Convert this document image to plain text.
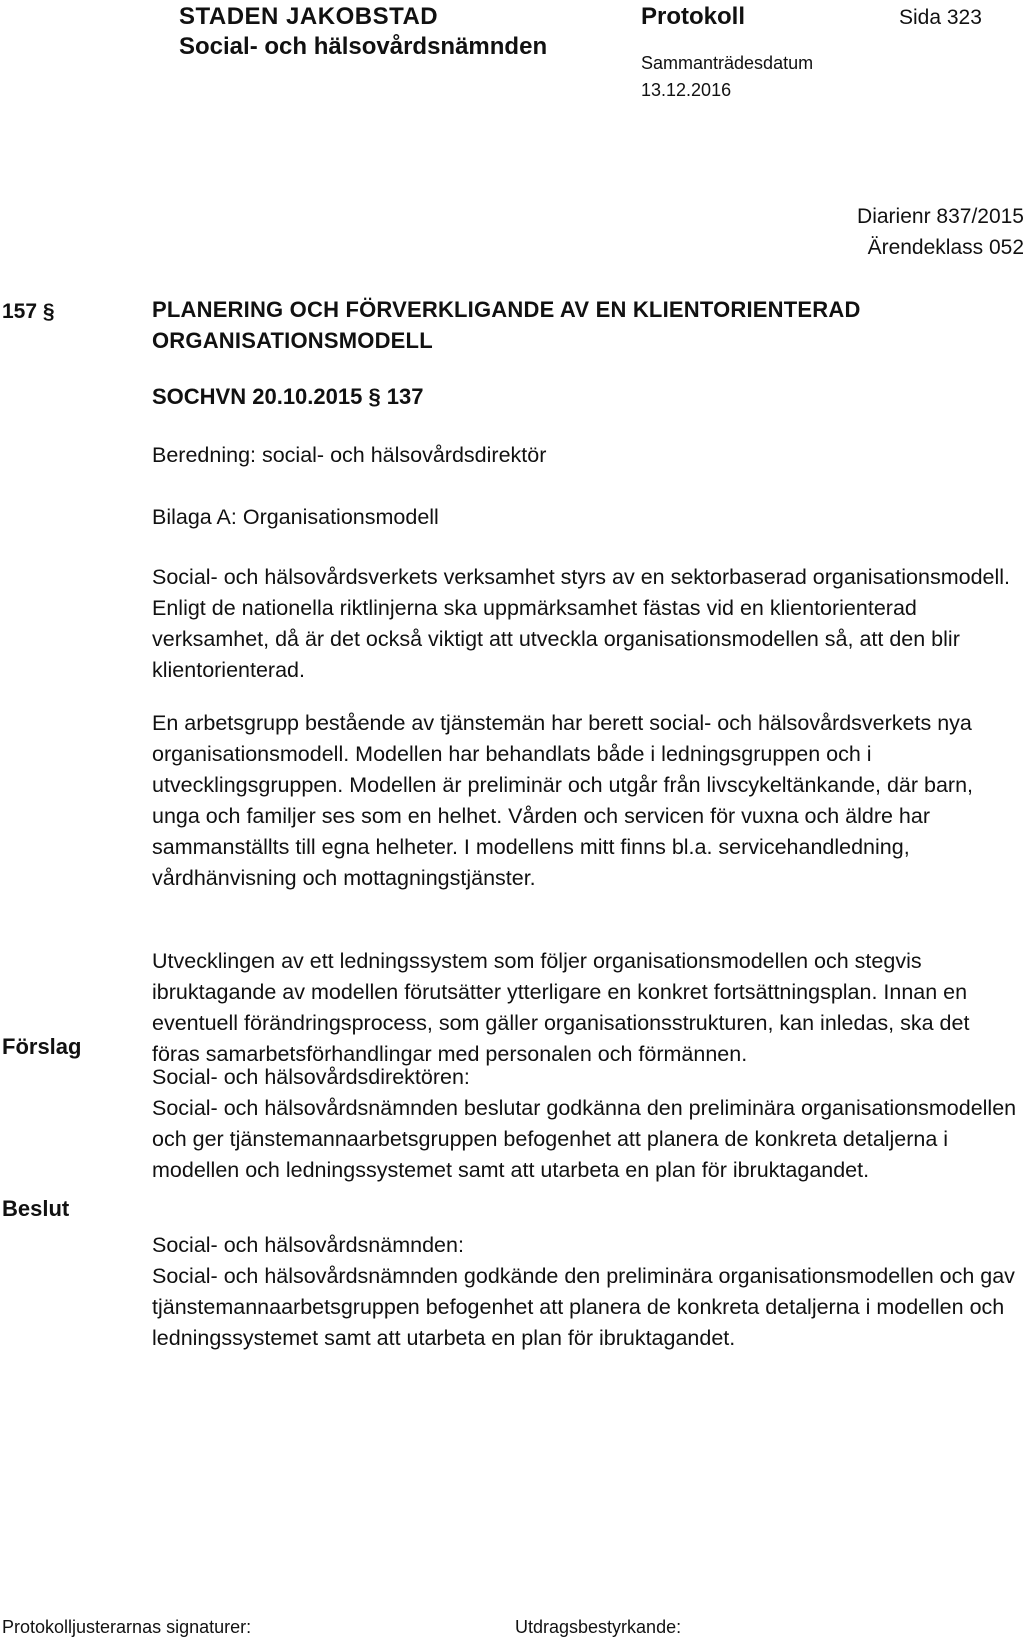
STADEN JAKOBSTAD
Social- och hälsovårdsnämnden
Protokoll	Sida 323
Sammanträdesdatum
13.12.2016
Diarienr 837/2015
Ärendeklass 052
157 §	PLANERING OCH FÖRVERKLIGANDE AV EN KLIENTORIENTERAD ORGANISATIONSMODELL
SOCHVN 20.10.2015 § 137

Beredning: social- och hälsovårdsdirektör

Bilaga A: Organisationsmodell

Social- och hälsovårdsverkets verksamhet styrs av en sektorbaserad organisationsmodell. Enligt de nationella riktlinjerna ska uppmärksamhet fästas vid en klientorienterad verksamhet, då är det också viktigt att utveckla organisationsmodellen så, att den blir klientorienterad.

En arbetsgrupp bestående av tjänstemän har berett social- och hälsovårdsverkets nya organisationsmodell. Modellen har behandlats både i ledningsgruppen och i utvecklingsgruppen. Modellen är preliminär och utgår från livscykeltänkande, där barn, unga och familjer ses som en helhet. Vården och servicen för vuxna och äldre har sammanställts till egna helheter. I modellens mitt finns bl.a. servicehandledning, vårdhänvisning och mottagningstjänster.

Utvecklingen av ett ledningssystem som följer organisationsmodellen och stegvis ibruktagande av modellen förutsätter ytterligare en konkret fortsättningsplan. Innan en eventuell förändringsprocess, som gäller organisationsstrukturen, kan inledas, ska det föras samarbetsförhandlingar med personalen och förmännen.

Förslag

Social- och hälsovårdsdirektören:

Social- och hälsovårdsnämnden beslutar godkänna den preliminära organisationsmodellen och ger tjänstemannaarbetsgruppen befogenhet att planera de konkreta detaljerna i modellen och ledningssystemet samt att utarbeta en plan för ibruktagandet.

Beslut

Social- och hälsovårdsnämnden:

Social- och hälsovårdsnämnden godkände den preliminära organisationsmodellen och gav tjänstemannaarbetsgruppen befogenhet att planera de konkreta detaljerna i modellen och ledningssystemet samt att utarbeta en plan för ibruktagandet.

Protokolljusterarnas signaturer:	Utdragsbestyrkande:
